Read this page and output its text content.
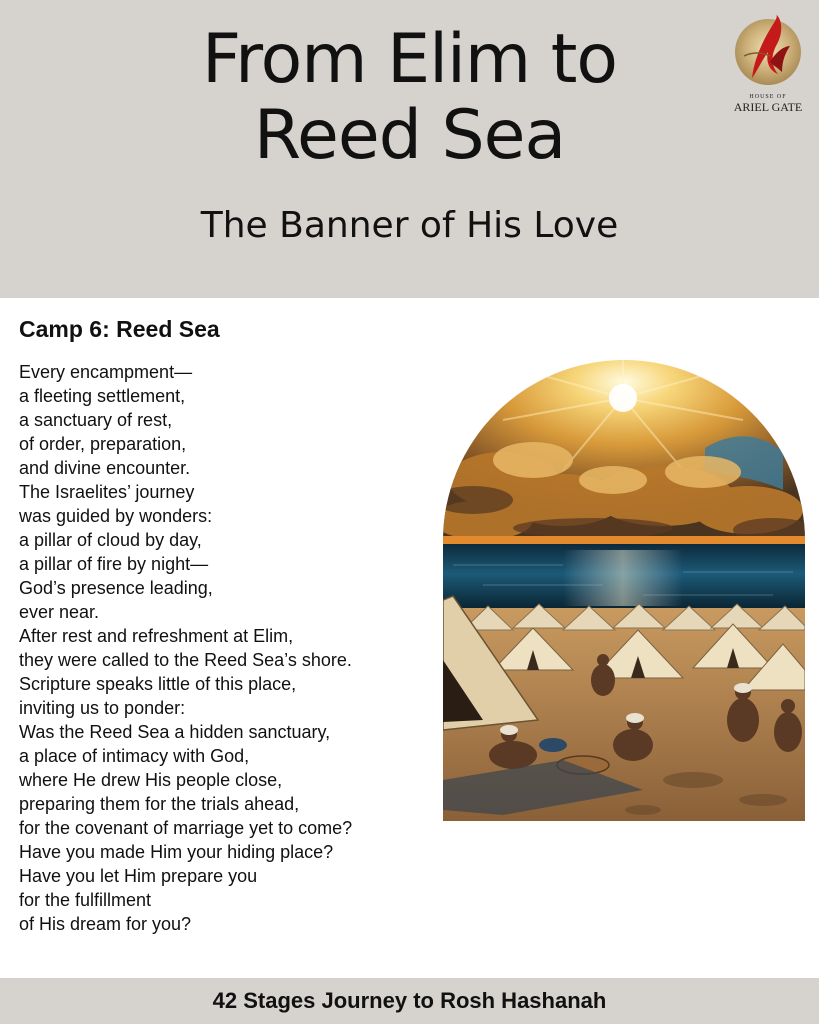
From Elim to
Reed Sea
The Banner of His Love
HOUSE OF
ARIEL GATE
Camp 6: Reed Sea
Every encampment—
a fleeting settlement,
a sanctuary of rest,
of order, preparation,
and divine encounter.
The Israelites’ journey
was guided by wonders:
a pillar of cloud by day,
a pillar of fire by night—
God’s presence leading,
ever near.
After rest and refreshment at Elim,
they were called to the Reed Sea’s shore.
Scripture speaks little of this place,
inviting us to ponder:
Was the Reed Sea a hidden sanctuary,
a place of intimacy with God,
where He drew His people close,
preparing them for the trials ahead,
for the covenant of marriage yet to come?
Have you made Him your hiding place?
Have you let Him prepare you
for the fulfillment
of His dream for you?
42 Stages Journey to Rosh Hashanah
